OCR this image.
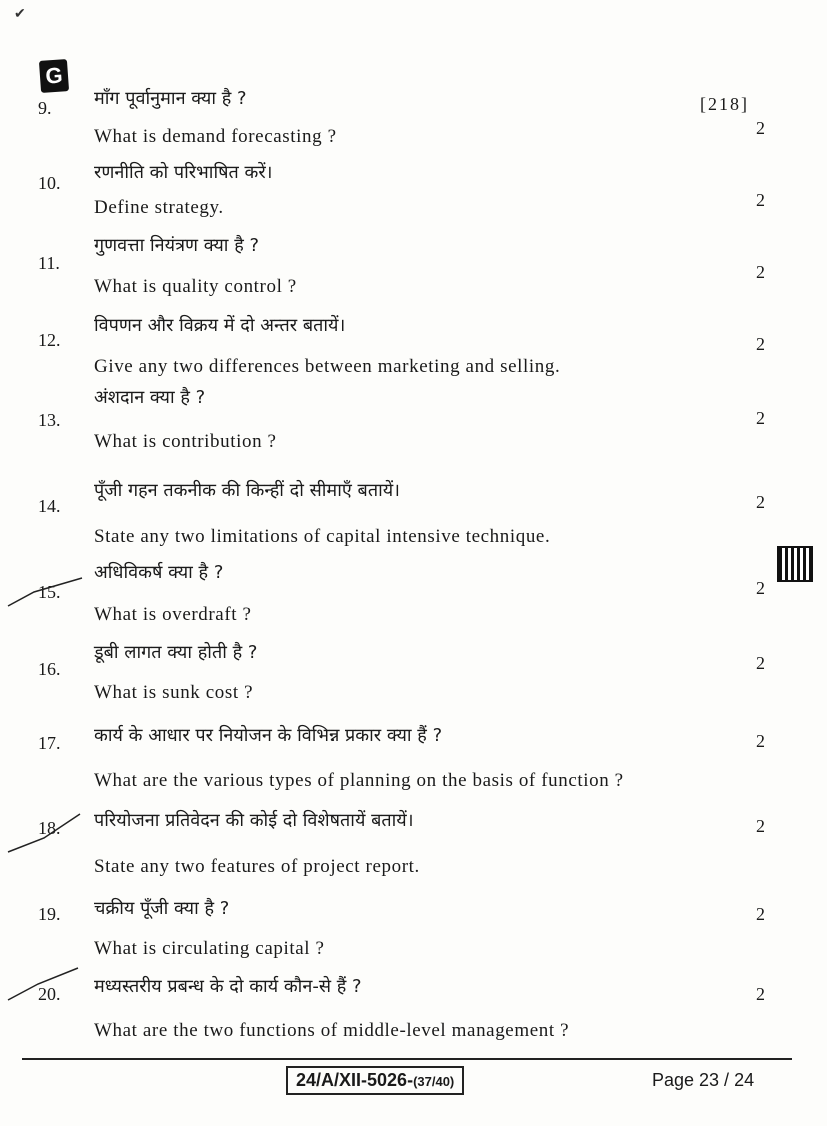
✔
G
[218]
9. माँग पूर्वानुमान क्या है ?
What is demand forecasting ?	2
10. रणनीति को परिभाषित करें।
Define strategy.	2
11.
गुणवत्ता नियंत्रण क्या है ?
What is quality control ?
2
12.
विपणन और विक्रय में दो अन्तर बतायें।
Give any two differences between marketing and selling.
2
13.
अंशदान क्या है ?
What is contribution ?
2
14.
पूँजी गहन तकनीक की किन्हीं दो सीमाएँ बतायें।
State any two limitations of capital intensive technique.
2
15.
अधिविकर्ष क्या है ?
What is overdraft ?
2
16.
डूबी लागत क्या होती है ?
What is sunk cost ?
2
17. कार्य के आधार पर नियोजन के विभिन्न प्रकार क्या हैं ?
What are the various types of planning on the basis of function ?
2
18. परियोजना प्रतिवेदन की कोई दो विशेषतायें बतायें।
State any two features of project report.
2
19. चक्रीय पूँजी क्या है ?
What is circulating capital ?
2
20. मध्यस्तरीय प्रबन्ध के दो कार्य कौन-से हैं ?
What are the two functions of middle-level management ?
2
24/A/XII-5026-(37/40)	Page 23 / 24
